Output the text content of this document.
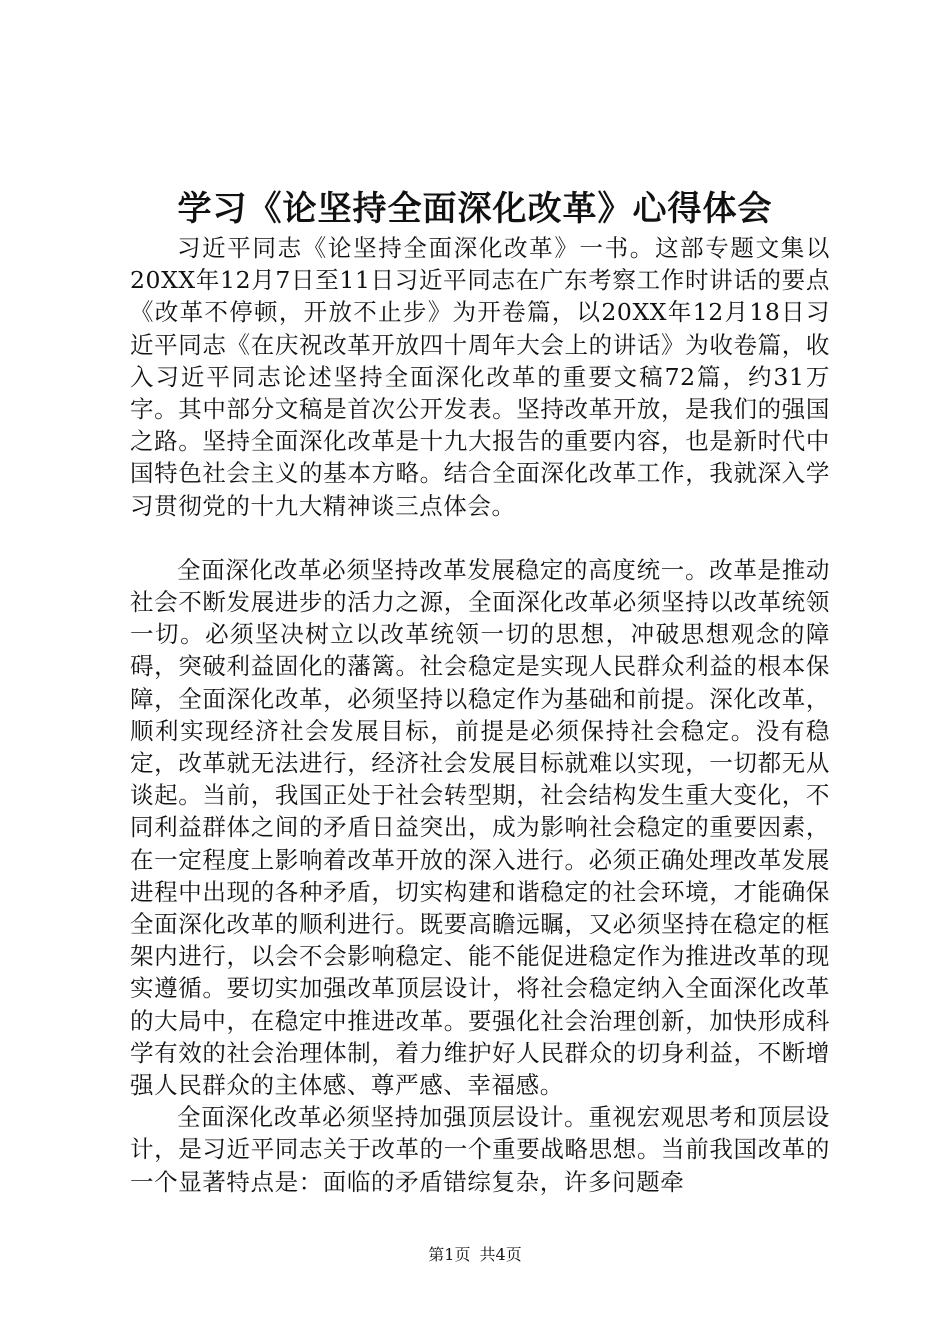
学习《论坚持全面深化改革》心得体会

习近平同志《论坚持全面深化改革》一书。这部专题文集以20XX年12月7日至11日习近平同志在广东考察工作时讲话的要点《改革不停顿，开放不止步》为开卷篇，以20XX年12月18日习近平同志《在庆祝改革开放四十周年大会上的讲话》为收卷篇，收入习近平同志论述坚持全面深化改革的重要文稿72篇，约31万字。其中部分文稿是首次公开发表。坚持改革开放，是我们的强国之路。坚持全面深化改革是十九大报告的重要内容，也是新时代中国特色社会主义的基本方略。结合全面深化改革工作，我就深入学习贯彻党的十九大精神谈三点体会。

全面深化改革必须坚持改革发展稳定的高度统一。改革是推动社会不断发展进步的活力之源，全面深化改革必须坚持以改革统领一切。必须坚决树立以改革统领一切的思想，冲破思想观念的障碍，突破利益固化的藩篱。社会稳定是实现人民群众利益的根本保障，全面深化改革，必须坚持以稳定作为基础和前提。深化改革，顺利实现经济社会发展目标，前提是必须保持社会稳定。没有稳定，改革就无法进行，经济社会发展目标就难以实现，一切都无从谈起。当前，我国正处于社会转型期，社会结构发生重大变化，不同利益群体之间的矛盾日益突出，成为影响社会稳定的重要因素，在一定程度上影响着改革开放的深入进行。必须正确处理改革发展进程中出现的各种矛盾，切实构建和谐稳定的社会环境，才能确保全面深化改革的顺利进行。既要高瞻远瞩，又必须坚持在稳定的框架内进行，以会不会影响稳定、能不能促进稳定作为推进改革的现实遵循。要切实加强改革顶层设计，将社会稳定纳入全面深化改革的大局中，在稳定中推进改革。要强化社会治理创新，加快形成科学有效的社会治理体制，着力维护好人民群众的切身利益，不断增强人民群众的主体感、尊严感、幸福感。

全面深化改革必须坚持加强顶层设计。重视宏观思考和顶层设计，是习近平同志关于改革的一个重要战略思想。当前我国改革的一个显著特点是：面临的矛盾错综复杂，许多问题牵

第1页 共4页
